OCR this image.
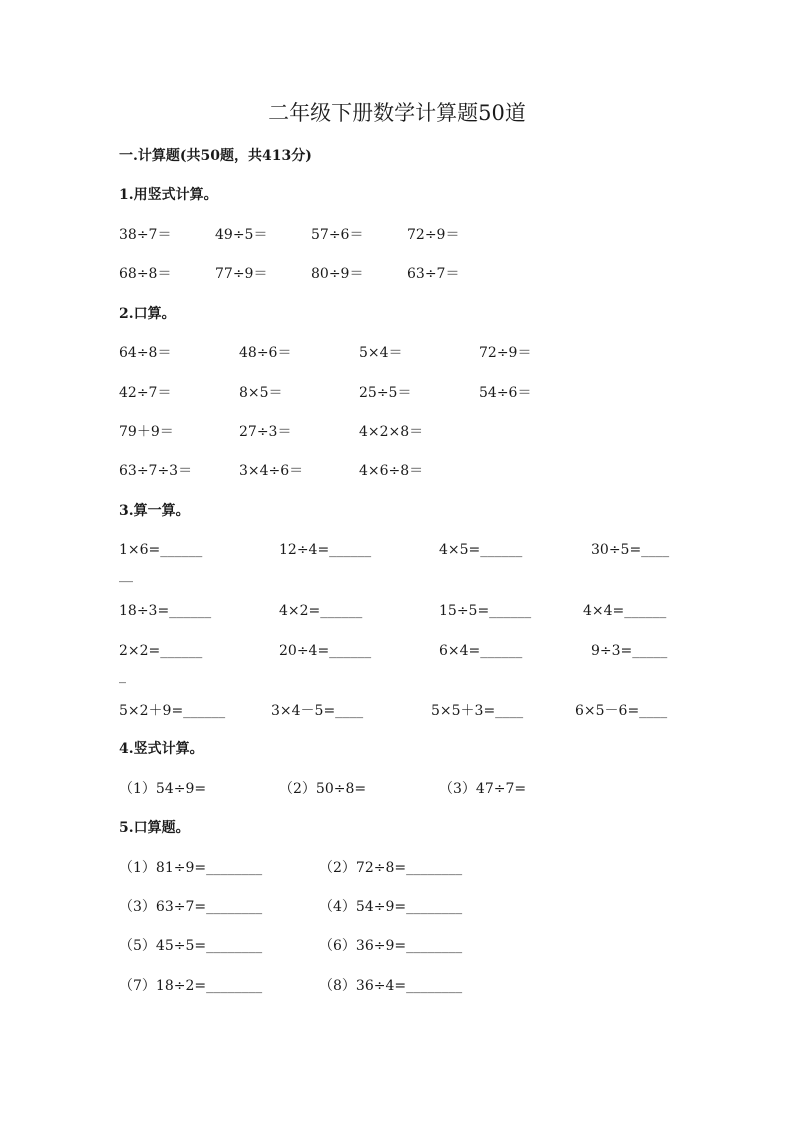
二年级下册数学计算题50道
一.计算题(共50题，共413分)
1.用竖式计算。
38÷7＝	49÷5＝	57÷6＝	72÷9＝
68÷8＝	77÷9＝	80÷9＝	63÷7＝
2.口算。
64÷8＝	48÷6＝	5×4＝	72÷9＝
42÷7＝	8×5＝	25÷5＝	54÷6＝
79＋9＝	27÷3＝	4×2×8＝
63÷7÷3＝	3×4÷6＝	4×6÷8＝
3.算一算。
1×6=______	12÷4=______	4×5=______	30÷5=____
__
18÷3=______	4×2=______	15÷5=______	4×4=______
2×2=______	20÷4=______	6×4=______	9÷3=_____
_
5×2＋9=______	3×4－5=____	5×5＋3=____	6×5－6=____
4.竖式计算。
（1）54÷9=	（2）50÷8=	（3）47÷7=
5.口算题。
（1）81÷9=________	（2）72÷8=________
（3）63÷7=________	（4）54÷9=________
（5）45÷5=________	（6）36÷9=________
（7）18÷2=________	（8）36÷4=________
